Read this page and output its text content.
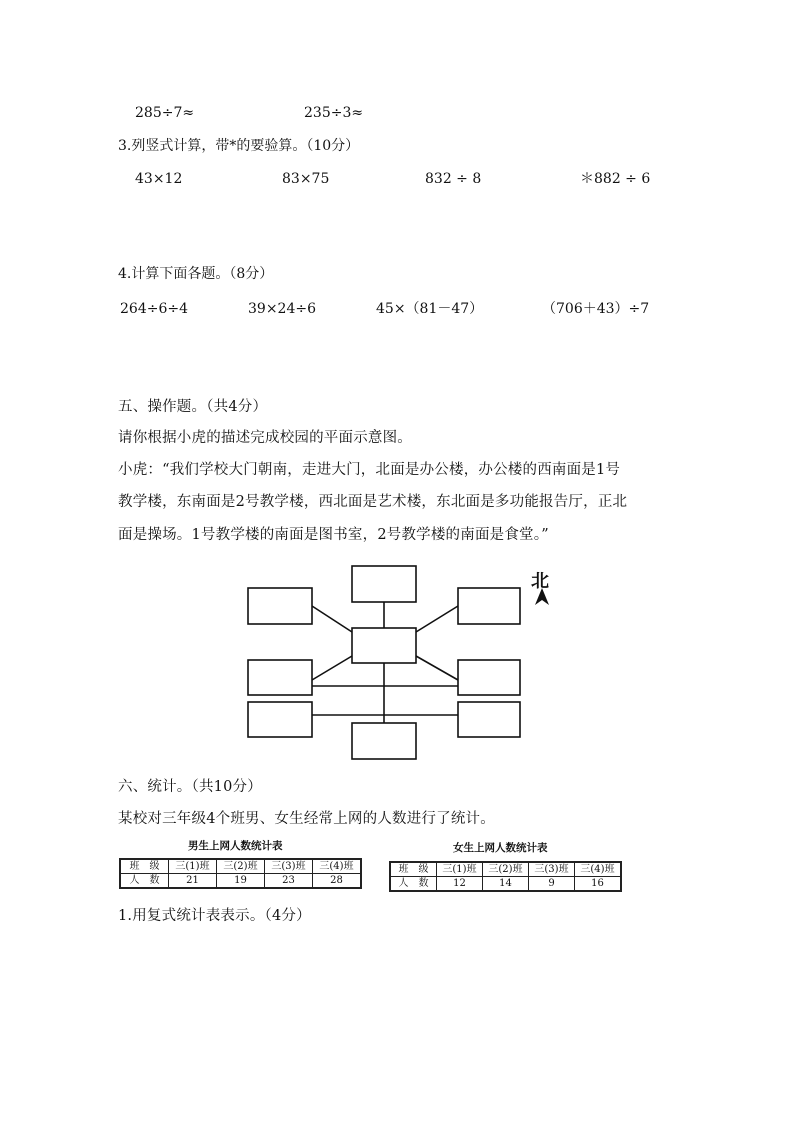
285÷7≈	235÷3≈
3.列竖式计算，带*的要验算。（10分）
43×12	83×75	832 ÷ 8	＊882 ÷ 6
4.计算下面各题。（8分）
264÷6÷4	39×24÷6	45×（81－47）	（706＋43）÷7
五、操作题。（共4分）
请你根据小虎的描述完成校园的平面示意图。
小虎：“我们学校大门朝南，走进大门，北面是办公楼，办公楼的西南面是1号
教学楼，东南面是2号教学楼，西北面是艺术楼，东北面是多功能报告厅，正北
面是操场。1号教学楼的南面是图书室，2号教学楼的南面是食堂。”
北
六、统计。（共10分）
某校对三年级4个班男、女生经常上网的人数进行了统计。
男生上网人数统计表
班　级	三(1)班	三(2)班	三(3)班	三(4)班
人　数	21	19	23	28
女生上网人数统计表
班　级	三(1)班	三(2)班	三(3)班	三(4)班
人　数	12	14	9	16
1.用复式统计表表示。（4分）
